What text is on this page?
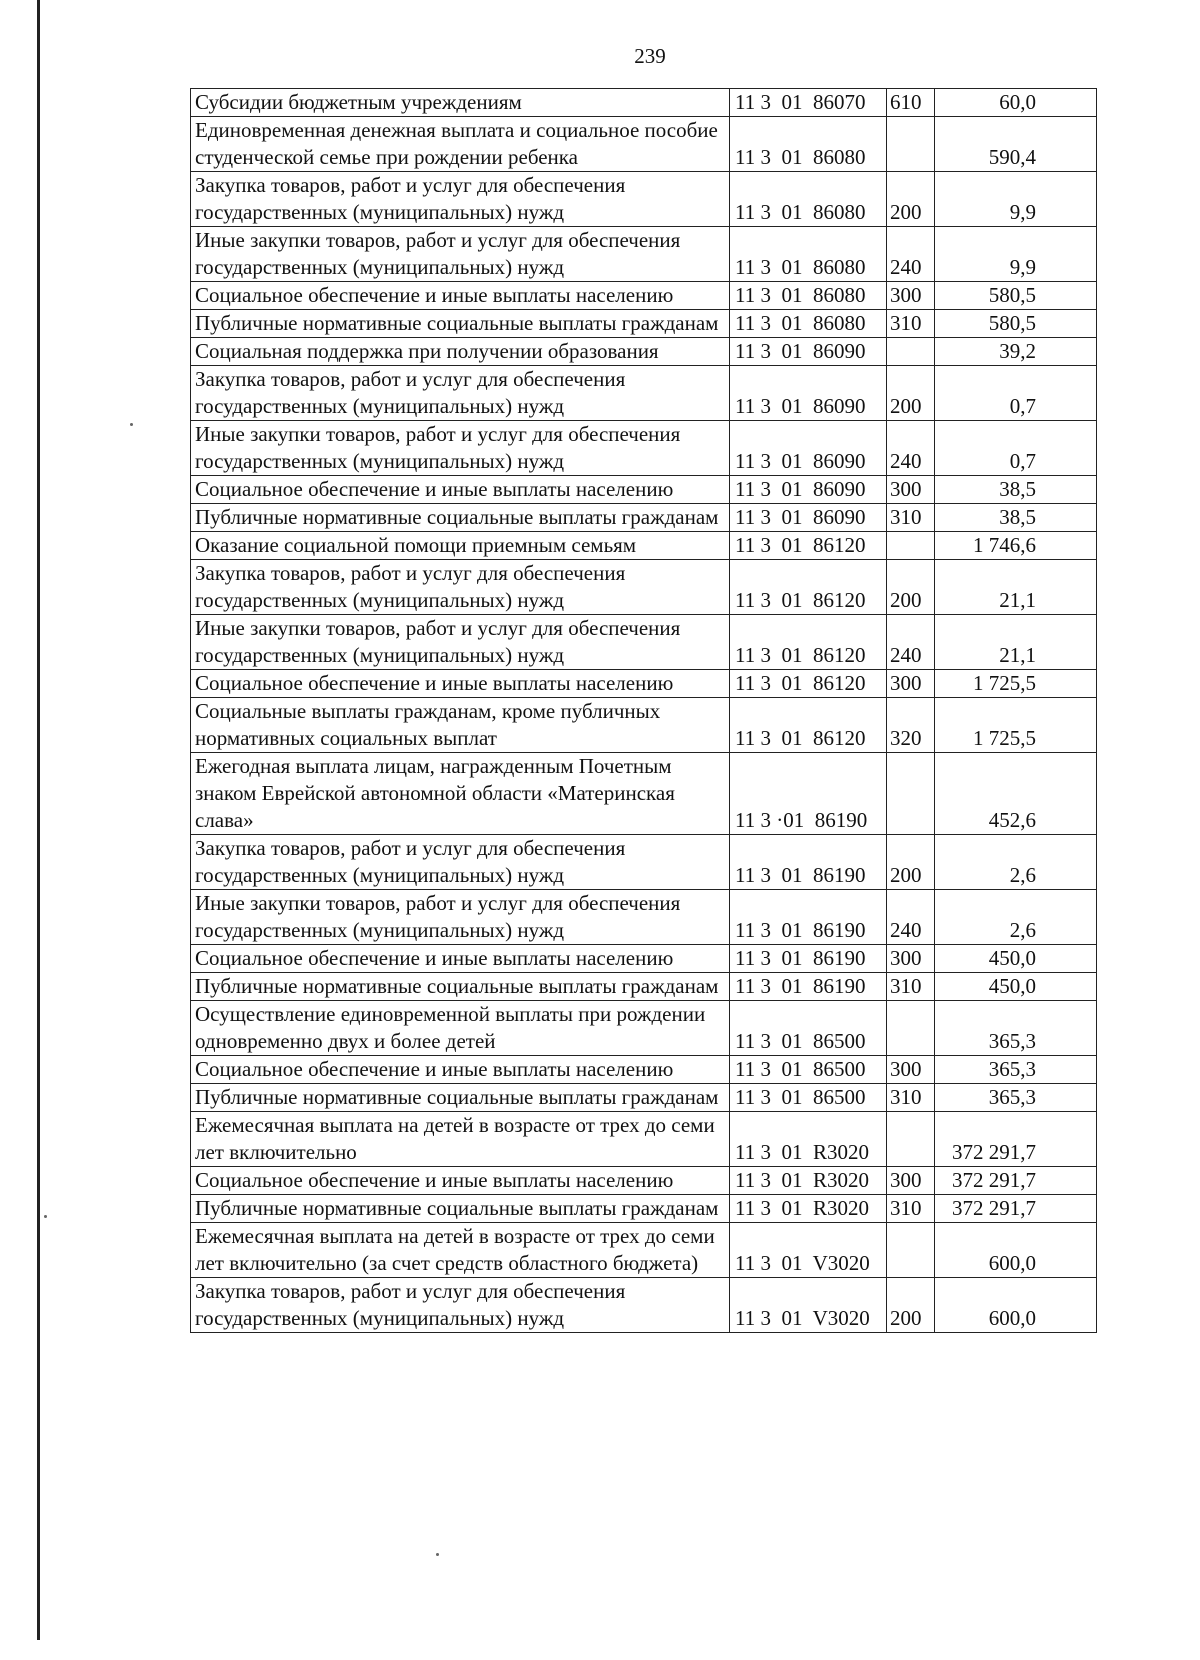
239
Субсидии бюджетным учреждениям	11 3  01  86070	610	60,0
Единовременная денежная выплата и социальное пособие студенческой семье при рождении ребенка	11 3  01  86080		590,4
Закупка товаров, работ и услуг для обеспечения государственных (муниципальных) нужд	11 3  01  86080	200	9,9
Иные закупки товаров, работ и услуг для обеспечения государственных (муниципальных) нужд	11 3  01  86080	240	9,9
Социальное обеспечение и иные выплаты населению	11 3  01  86080	300	580,5
Публичные нормативные социальные выплаты гражданам	11 3  01  86080	310	580,5
Социальная поддержка при получении образования	11 3  01  86090		39,2
Закупка товаров, работ и услуг для обеспечения государственных (муниципальных) нужд	11 3  01  86090	200	0,7
Иные закупки товаров, работ и услуг для обеспечения государственных (муниципальных) нужд	11 3  01  86090	240	0,7
Социальное обеспечение и иные выплаты населению	11 3  01  86090	300	38,5
Публичные нормативные социальные выплаты гражданам	11 3  01  86090	310	38,5
Оказание социальной помощи приемным семьям	11 3  01  86120		1 746,6
Закупка товаров, работ и услуг для обеспечения государственных (муниципальных) нужд	11 3  01  86120	200	21,1
Иные закупки товаров, работ и услуг для обеспечения государственных (муниципальных) нужд	11 3  01  86120	240	21,1
Социальное обеспечение и иные выплаты населению	11 3  01  86120	300	1 725,5
Социальные выплаты гражданам, кроме публичных нормативных социальных выплат	11 3  01  86120	320	1 725,5
Ежегодная выплата лицам, награжденным Почетным знаком Еврейской автономной области «Материнская слава»	11 3 ·01  86190		452,6
Закупка товаров, работ и услуг для обеспечения государственных (муниципальных) нужд	11 3  01  86190	200	2,6
Иные закупки товаров, работ и услуг для обеспечения государственных (муниципальных) нужд	11 3  01  86190	240	2,6
Социальное обеспечение и иные выплаты населению	11 3  01  86190	300	450,0
Публичные нормативные социальные выплаты гражданам	11 3  01  86190	310	450,0
Осуществление единовременной выплаты при рождении одновременно двух и более детей	11 3  01  86500		365,3
Социальное обеспечение и иные выплаты населению	11 3  01  86500	300	365,3
Публичные нормативные социальные выплаты гражданам	11 3  01  86500	310	365,3
Ежемесячная выплата на детей в возрасте от трех до семи лет включительно	11 3  01  R3020		372 291,7
Социальное обеспечение и иные выплаты населению	11 3  01  R3020	300	372 291,7
Публичные нормативные социальные выплаты гражданам	11 3  01  R3020	310	372 291,7
Ежемесячная выплата на детей в возрасте от трех до семи лет включительно (за счет средств областного бюджета)	11 3  01  V3020		600,0
Закупка товаров, работ и услуг для обеспечения государственных (муниципальных) нужд	11 3  01  V3020	200	600,0
